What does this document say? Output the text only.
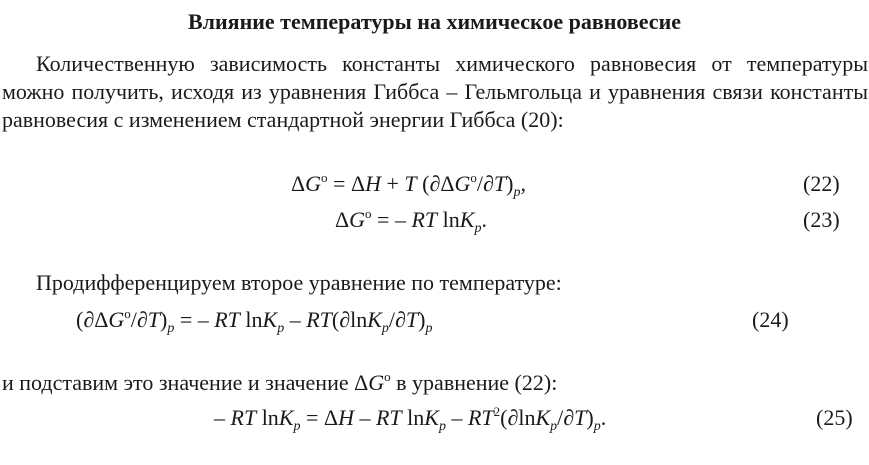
Влияние температуры на химическое равновесие

Количественную зависимость константы химического равновесия от температуры можно получить, исходя из уравнения Гиббса – Гельмгольца и уравнения связи константы равновесия с изменением стандартной энергии Гиббса (20):

$\Delta G^o = \Delta H + T$ $(\partial\Delta G^o/\partial T)_p$,	(22)
$\Delta G^o$ = – RT lnK$_p$.	(23)
Продифференцируем второе уравнение по температуре:
$(\partial\Delta G^o/\partial T)_p$ = – RT $\ln K_p - RT(\partial\ln K_p/\partial T)_p$	(24)
и подставим это значение и значение $\Delta G^o$ в уравнение (22):
– RT lnK$_p$ = ΔH – RT $\ln K_p - RT^2(\partial\ln K_p/\partial T)_p$.	(25)
